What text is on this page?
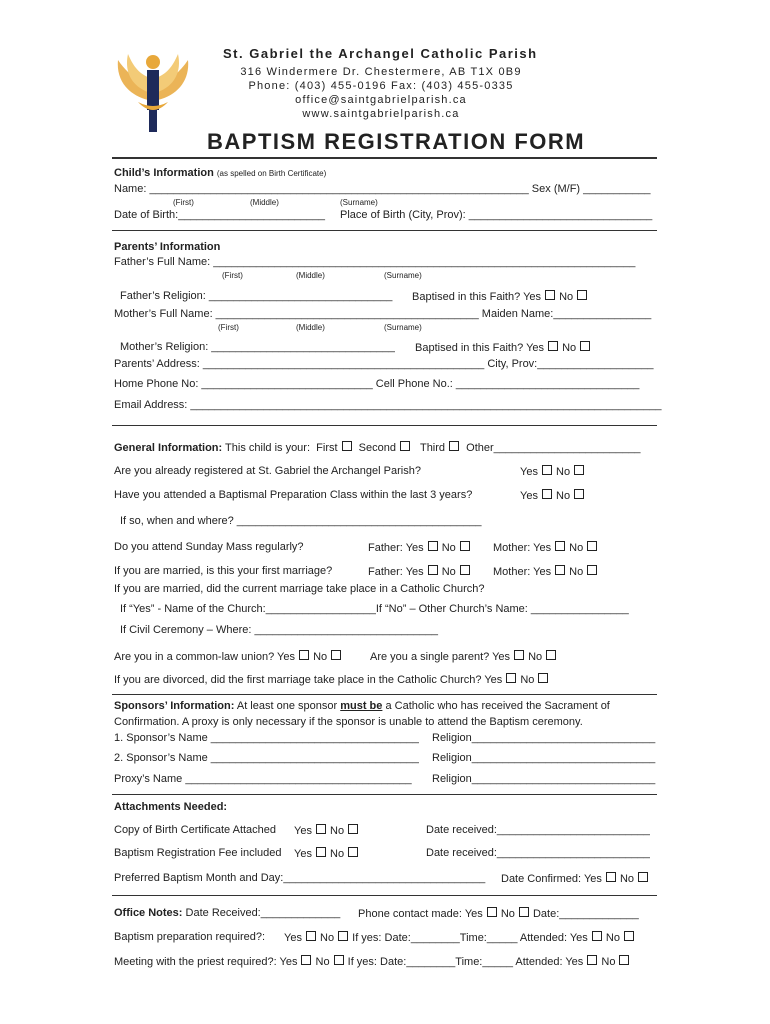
St. Gabriel the Archangel Catholic Parish
316 Windermere Dr. Chestermere, AB T1X 0B9
Phone: (403) 455-0196 Fax: (403) 455-0335
office@saintgabrielparish.ca
www.saintgabrielparish.ca
BAPTISM REGISTRATION FORM
Child’s Information (as spelled on Birth Certificate)
Name: ______________________________________________________________ Sex (M/F) ___________
(First)	(Middle)	(Surname)
Date of Birth:________________________ Place of Birth (City, Prov): ______________________________
Parents’ Information
Father’s Full Name: _____________________________________________________________________
(First)	(Middle)	(Surname)
Father’s Religion: ______________________________ Baptised in this Faith? Yes No
Mother’s Full Name: ___________________________________________ Maiden Name:________________
(First)	(Middle)	(Surname)
Mother’s Religion: ______________________________ Baptised in this Faith? Yes No
Parents’ Address: ______________________________________________ City, Prov:___________________
Home Phone No: ____________________________ Cell Phone No.: ______________________________
Email Address: _____________________________________________________________________________
General Information: This child is your: First Second Third Other________________________
Are you already registered at St. Gabriel the Archangel Parish?	Yes No
Have you attended a Baptismal Preparation Class within the last 3 years?	Yes No
If so, when and where? ________________________________________
Do you attend Sunday Mass regularly?	Father: Yes No	Mother: Yes No
If you are married, is this your first marriage?	Father: Yes No	Mother: Yes No
If you are married, did the current marriage take place in a Catholic Church?
If “Yes” - Name of the Church:__________________If “No” – Other Church’s Name: ________________
If Civil Ceremony – Where: ______________________________
Are you in a common-law union? Yes No	Are you a single parent? Yes No
If you are divorced, did the first marriage take place in the Catholic Church? Yes No
Sponsors’ Information: At least one sponsor must be a Catholic who has received the Sacrament of
Confirmation. A proxy is only necessary if the sponsor is unable to attend the Baptism ceremony.
1. Sponsor’s Name __________________________________ Religion______________________________
2. Sponsor’s Name __________________________________ Religion______________________________
Proxy’s Name _____________________________________ Religion______________________________
Attachments Needed:
Copy of Birth Certificate Attached Yes No	Date received:_________________________
Baptism Registration Fee included Yes No	Date received:_________________________
Preferred Baptism Month and Day:_________________________________ Date Confirmed: Yes No
Office Notes: Date Received:_____________ Phone contact made: Yes No Date:_____________
Baptism preparation required?: Yes No If yes: Date:________Time:_____ Attended: Yes No
Meeting with the priest required?: Yes No If yes: Date:________Time:_____ Attended: Yes No
